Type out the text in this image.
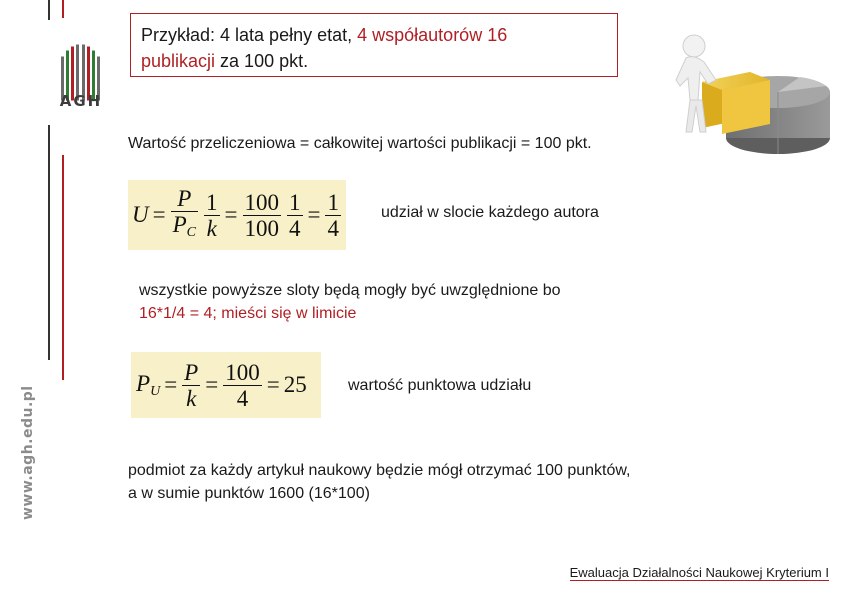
AGH
www.agh.edu.pl
Przykład: 4 lata pełny etat, 4 współautorów 16
publikacji za 100 pkt.
Wartość przeliczeniowa = całkowitej wartości publikacji = 100 pkt.
$U = \frac{P}{P_C} \frac{1}{k} = \frac{100}{100} \frac{1}{4} = \frac{1}{4}$	udział w slocie każdego autora
wszystkie powyższe sloty będą mogły być uwzględnione bo
16*1/4 = 4; mieści się w limicie
$P_U = \frac{P}{k} = \frac{100}{4} = 25$	wartość punktowa udziału
podmiot za każdy artykuł naukowy będzie mógł otrzymać 100 punktów,
a w sumie punktów 1600 (16*100)
Ewaluacja Działalności Naukowej Kryterium I
